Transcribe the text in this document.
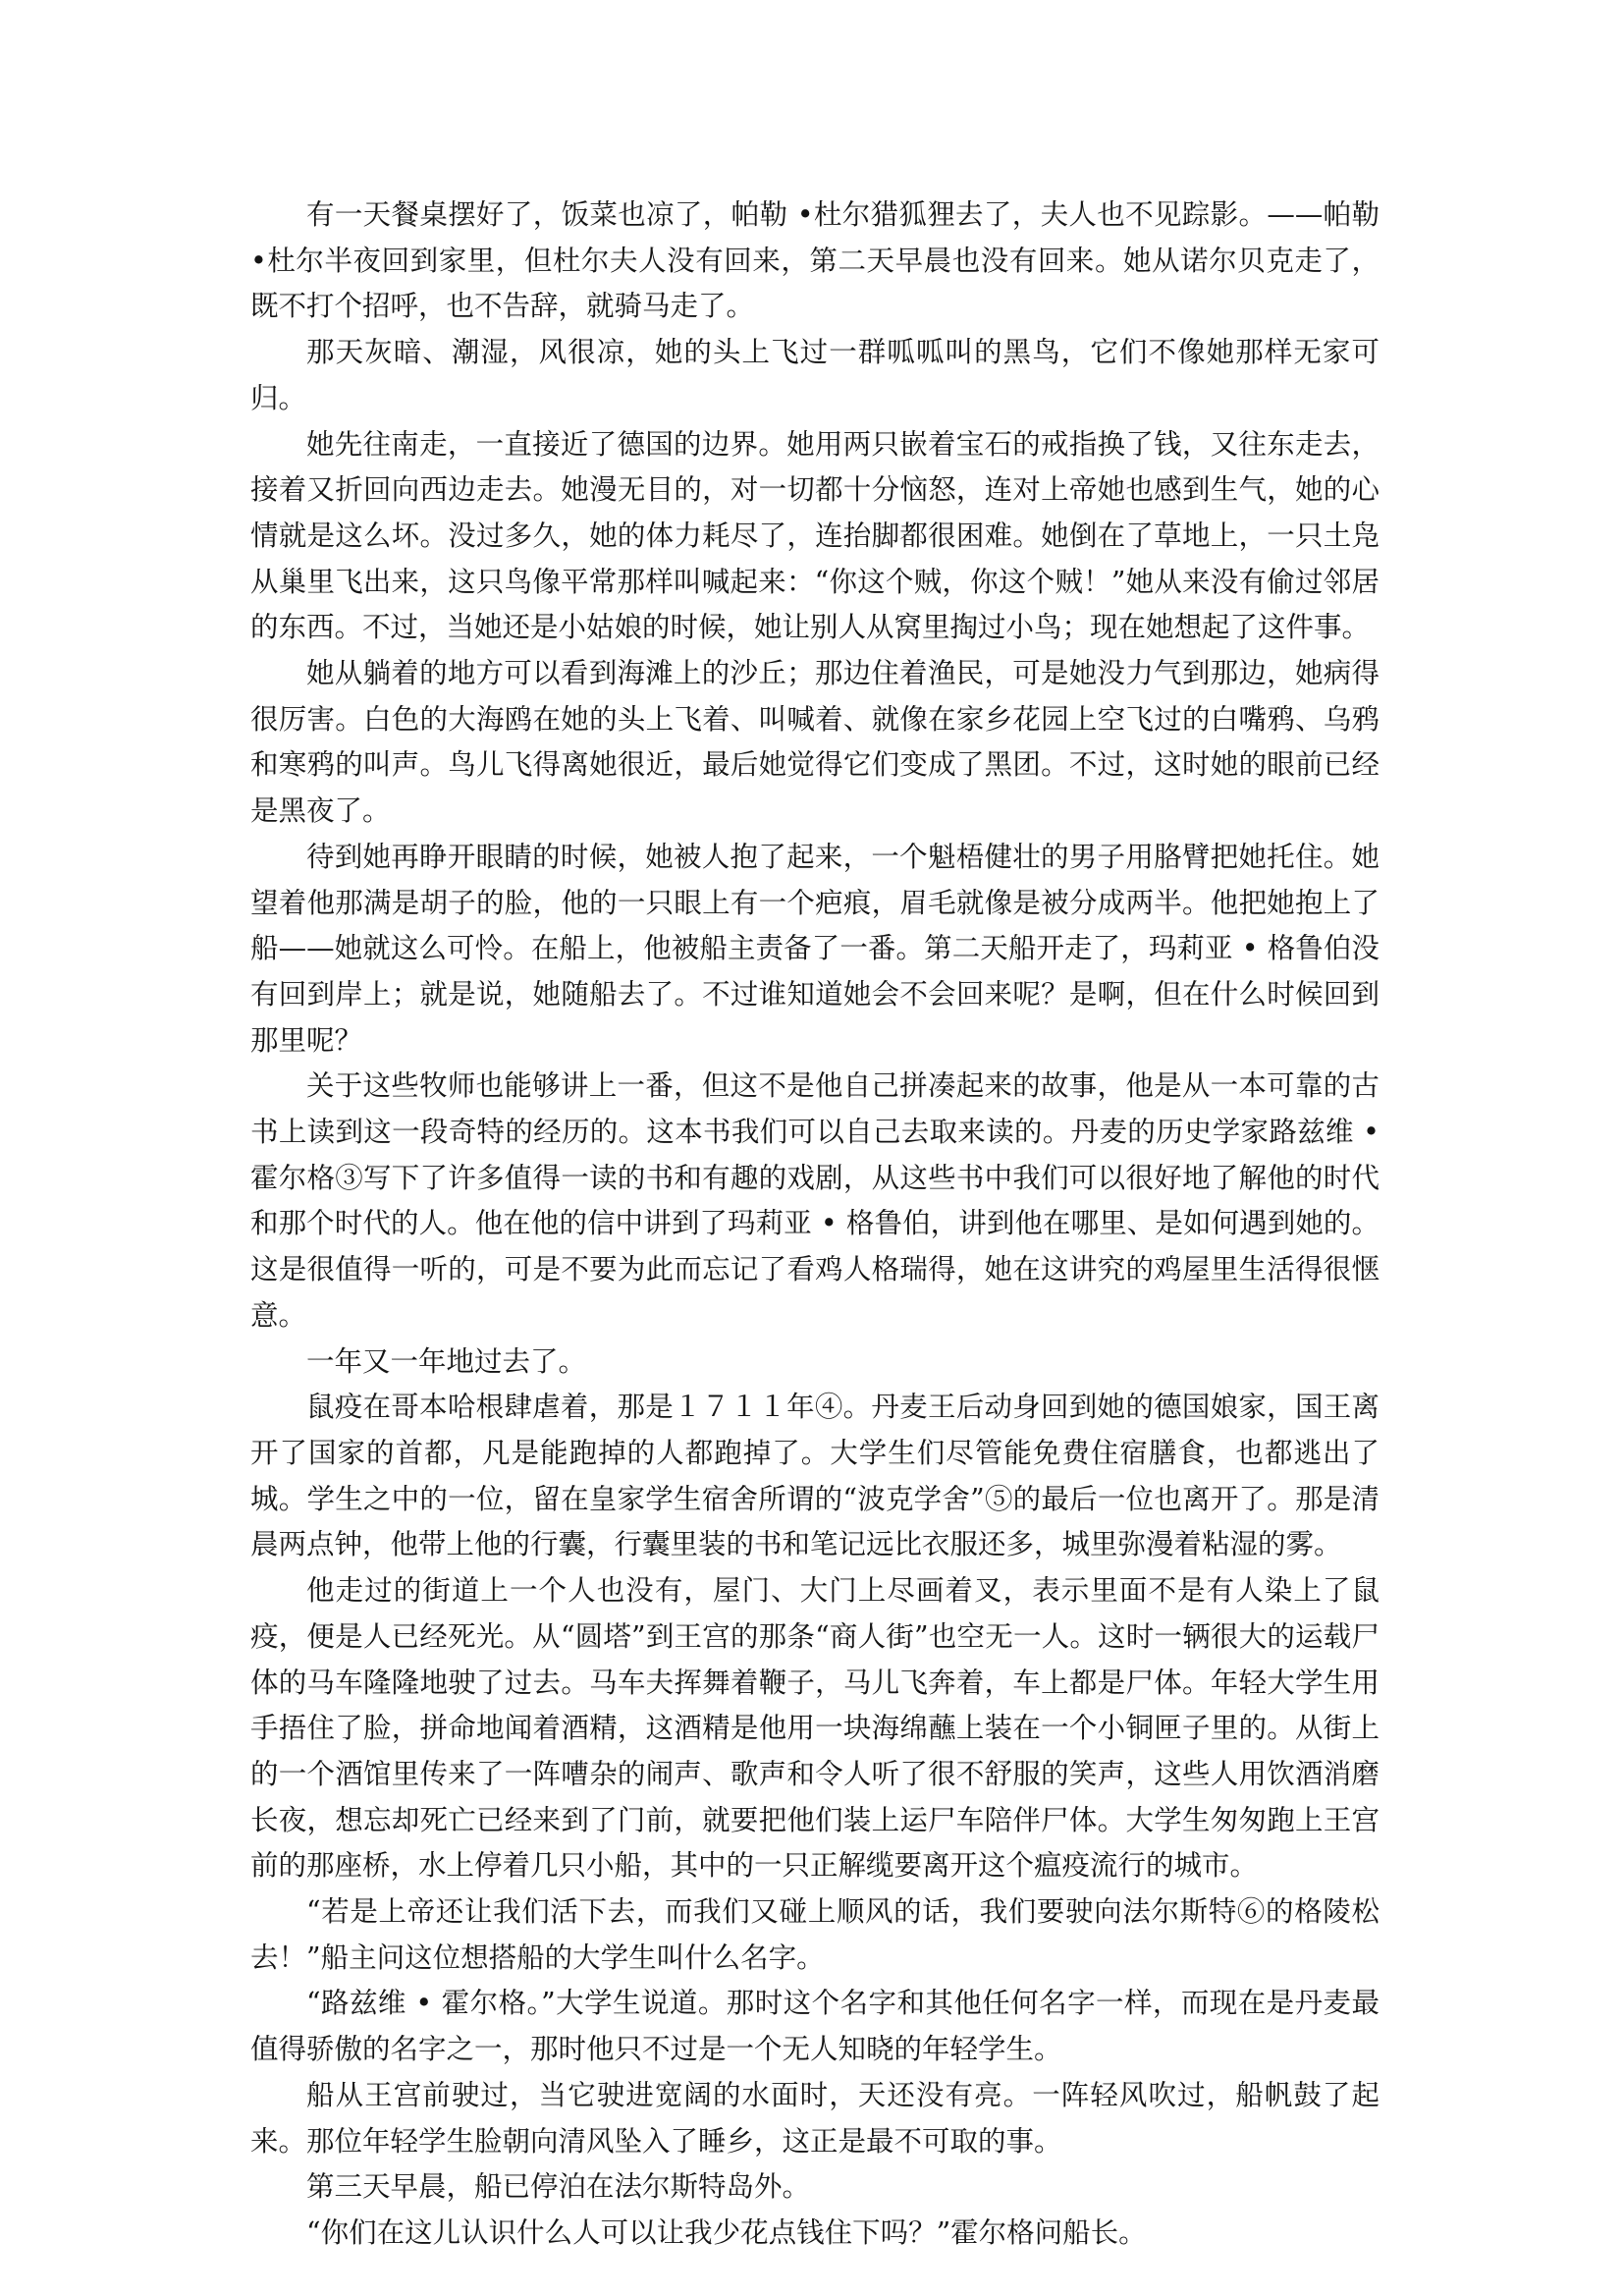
有一天餐桌摆好了，饭菜也凉了，帕勒 •杜尔猎狐狸去了，夫人也不见踪影。——帕勒 •杜尔半夜回到家里，但杜尔夫人没有回来，第二天早晨也没有回来。她从诺尔贝克走了，既不打个招呼，也不告辞，就骑马走了。

那天灰暗、潮湿，风很凉，她的头上飞过一群呱呱叫的黑鸟，它们不像她那样无家可归。

她先往南走，一直接近了德国的边界。她用两只嵌着宝石的戒指换了钱，又往东走去，接着又折回向西边走去。她漫无目的，对一切都十分恼怒，连对上帝她也感到生气，她的心情就是这么坏。没过多久，她的体力耗尽了，连抬脚都很困难。她倒在了草地上，一只土凫从巢里飞出来，这只鸟像平常那样叫喊起来：“你这个贼，你这个贼！”她从来没有偷过邻居的东西。不过，当她还是小姑娘的时候，她让别人从窝里掏过小鸟；现在她想起了这件事。

她从躺着的地方可以看到海滩上的沙丘；那边住着渔民，可是她没力气到那边，她病得很厉害。白色的大海鸥在她的头上飞着、叫喊着、就像在家乡花园上空飞过的白嘴鸦、乌鸦和寒鸦的叫声。鸟儿飞得离她很近，最后她觉得它们变成了黑团。不过，这时她的眼前已经是黑夜了。

待到她再睁开眼睛的时候，她被人抱了起来，一个魁梧健壮的男子用胳臂把她托住。她望着他那满是胡子的脸，他的一只眼上有一个疤痕，眉毛就像是被分成两半。他把她抱上了船——她就这么可怜。在船上，他被船主责备了一番。第二天船开走了，玛莉亚 • 格鲁伯没有回到岸上；就是说，她随船去了。不过谁知道她会不会回来呢？是啊，但在什么时候回到那里呢？

关于这些牧师也能够讲上一番，但这不是他自己拼凑起来的故事，他是从一本可靠的古书上读到这一段奇特的经历的。这本书我们可以自己去取来读的。丹麦的历史学家路兹维 •霍尔格③写下了许多值得一读的书和有趣的戏剧，从这些书中我们可以很好地了解他的时代和那个时代的人。他在他的信中讲到了玛莉亚 • 格鲁伯，讲到他在哪里、是如何遇到她的。这是很值得一听的，可是不要为此而忘记了看鸡人格瑞得，她在这讲究的鸡屋里生活得很惬意。

一年又一年地过去了。

鼠疫在哥本哈根肆虐着，那是１７１１年④。丹麦王后动身回到她的德国娘家，国王离开了国家的首都，凡是能跑掉的人都跑掉了。大学生们尽管能免费住宿膳食，也都逃出了城。学生之中的一位，留在皇家学生宿舍所谓的“波克学舍”⑤的最后一位也离开了。那是清晨两点钟，他带上他的行囊，行囊里装的书和笔记远比衣服还多，城里弥漫着粘湿的雾。

他走过的街道上一个人也没有，屋门、大门上尽画着叉，表示里面不是有人染上了鼠疫，便是人已经死光。从“圆塔”到王宫的那条“商人街”也空无一人。这时一辆很大的运载尸体的马车隆隆地驶了过去。马车夫挥舞着鞭子，马儿飞奔着，车上都是尸体。年轻大学生用手捂住了脸，拼命地闻着酒精，这酒精是他用一块海绵蘸上装在一个小铜匣子里的。从街上的一个酒馆里传来了一阵嘈杂的闹声、歌声和令人听了很不舒服的笑声，这些人用饮酒消磨长夜，想忘却死亡已经来到了门前，就要把他们装上运尸车陪伴尸体。大学生匆匆跑上王宫前的那座桥，水上停着几只小船，其中的一只正解缆要离开这个瘟疫流行的城市。

“若是上帝还让我们活下去，而我们又碰上顺风的话，我们要驶向法尔斯特⑥的格陵松去！”船主问这位想搭船的大学生叫什么名字。

“路兹维 • 霍尔格。”大学生说道。那时这个名字和其他任何名字一样，而现在是丹麦最值得骄傲的名字之一，那时他只不过是一个无人知晓的年轻学生。

船从王宫前驶过，当它驶进宽阔的水面时，天还没有亮。一阵轻风吹过，船帆鼓了起来。那位年轻学生脸朝向清风坠入了睡乡，这正是最不可取的事。

第三天早晨，船已停泊在法尔斯特岛外。

“你们在这儿认识什么人可以让我少花点钱住下吗？”霍尔格问船长。
